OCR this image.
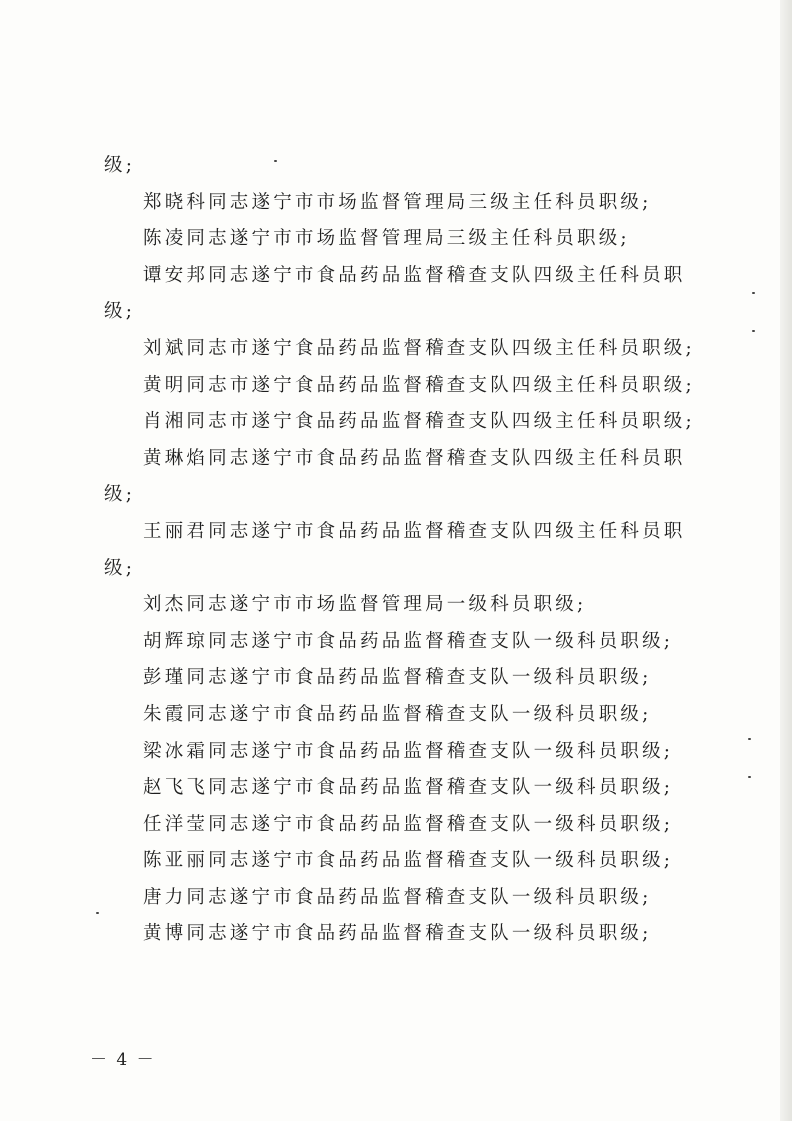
级;
郑晓科同志遂宁市市场监督管理局三级主任科员职级;
陈凌同志遂宁市市场监督管理局三级主任科员职级;
谭安邦同志遂宁市食品药品监督稽查支队四级主任科员职
级;
刘斌同志市遂宁食品药品监督稽查支队四级主任科员职级;
黄明同志市遂宁食品药品监督稽查支队四级主任科员职级;
肖湘同志市遂宁食品药品监督稽查支队四级主任科员职级;
黄琳焰同志遂宁市食品药品监督稽查支队四级主任科员职
级;
王丽君同志遂宁市食品药品监督稽查支队四级主任科员职
级;
刘杰同志遂宁市市场监督管理局一级科员职级;
胡辉琼同志遂宁市食品药品监督稽查支队一级科员职级;
彭瑾同志遂宁市食品药品监督稽查支队一级科员职级;
朱霞同志遂宁市食品药品监督稽查支队一级科员职级;
梁冰霜同志遂宁市食品药品监督稽查支队一级科员职级;
赵飞飞同志遂宁市食品药品监督稽查支队一级科员职级;
任洋莹同志遂宁市食品药品监督稽查支队一级科员职级;
陈亚丽同志遂宁市食品药品监督稽查支队一级科员职级;
唐力同志遂宁市食品药品监督稽查支队一级科员职级;
黄博同志遂宁市食品药品监督稽查支队一级科员职级;
－ 4 －
